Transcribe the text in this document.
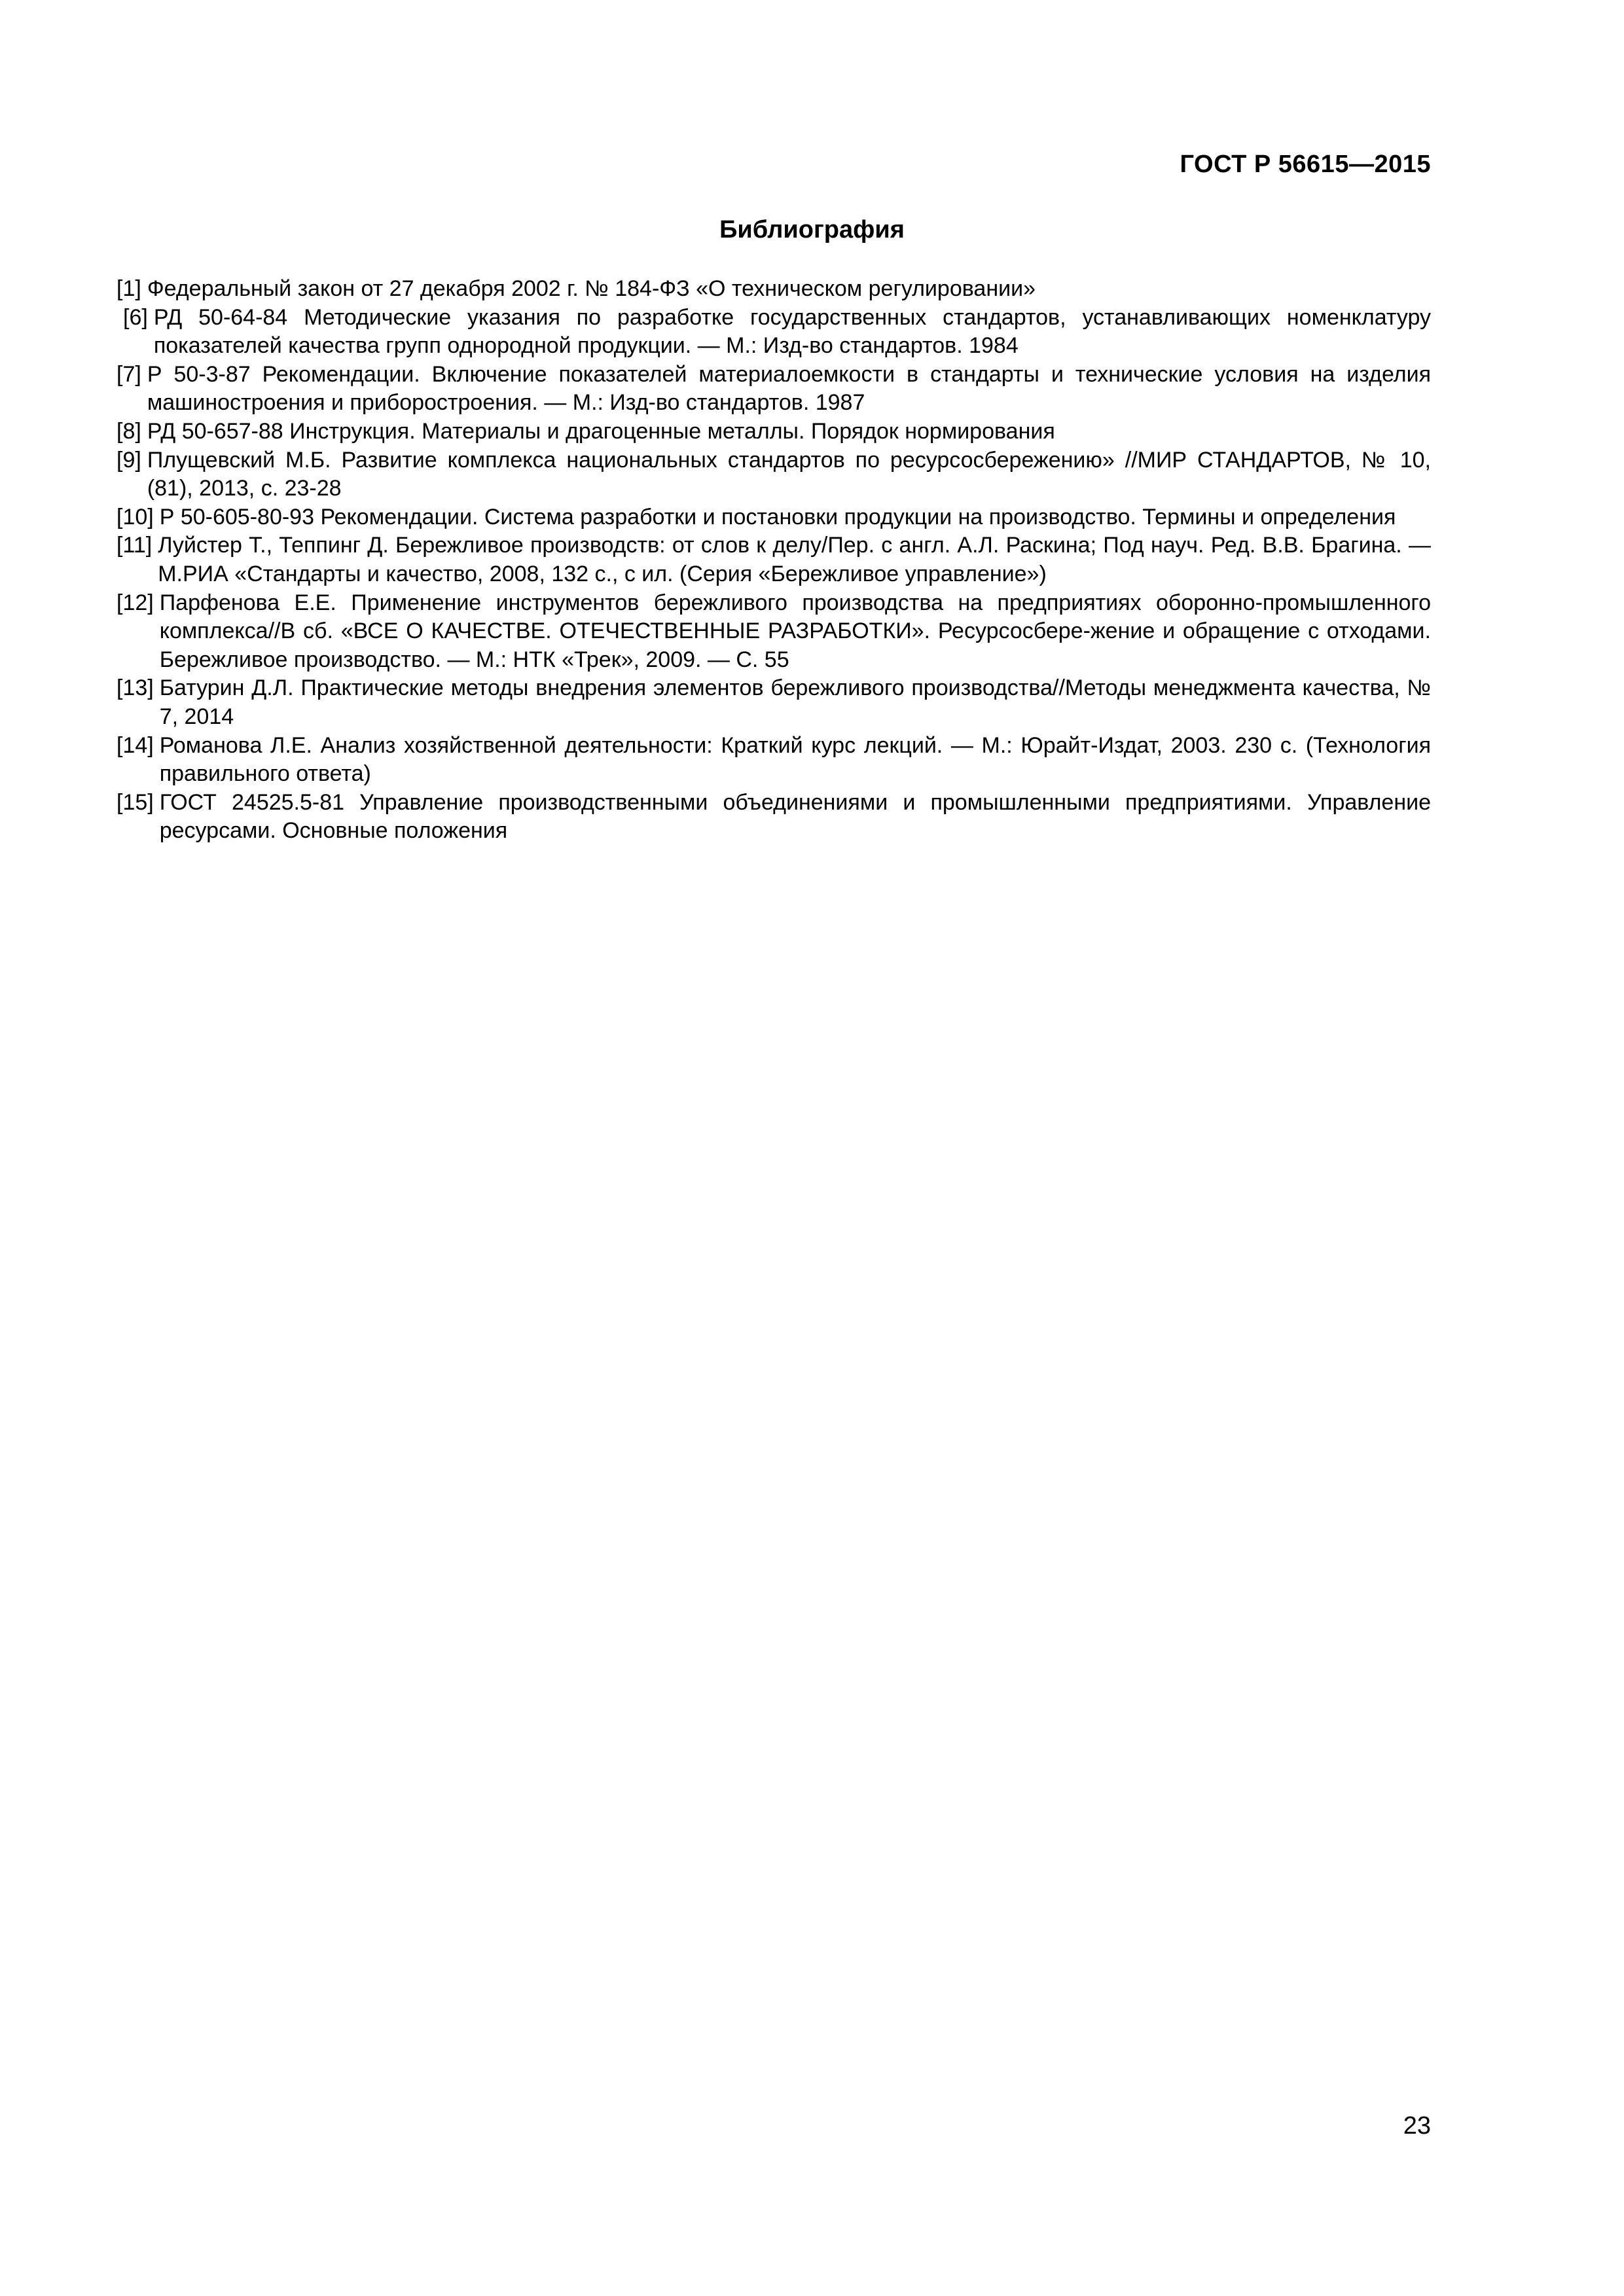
ГОСТ Р 56615—2015
Библиография
[1] Федеральный закон от 27 декабря 2002 г. № 184-ФЗ «О техническом регулировании»
[6] РД 50-64-84 Методические указания по разработке государственных стандартов, устанавливающих номенклатуру показателей качества групп однородной продукции. — М.: Изд-во стандартов. 1984
[7] Р 50-3-87 Рекомендации. Включение показателей материалоемкости в стандарты и технические условия на изделия машиностроения и приборостроения. — М.: Изд-во стандартов. 1987
[8] РД 50-657-88 Инструкция. Материалы и драгоценные металлы. Порядок нормирования
[9] Плущевский М.Б. Развитие комплекса национальных стандартов по ресурсосбережению» //МИР СТАНДАРТОВ, № 10, (81), 2013, с. 23-28
[10] Р 50-605-80-93 Рекомендации. Система разработки и постановки продукции на производство. Термины и определения
[11] Луйстер Т., Теппинг Д. Бережливое производств: от слов к делу/Пер. с англ. А.Л. Раскина; Под науч. Ред. В.В. Брагина. — М.РИА «Стандарты и качество, 2008, 132 с., с ил. (Серия «Бережливое управление»)
[12] Парфенова Е.Е. Применение инструментов бережливого производства на предприятиях оборонно-промышленного комплекса//В сб. «ВСЕ О КАЧЕСТВЕ. ОТЕЧЕСТВЕННЫЕ РАЗРАБОТКИ». Ресурсосбере-жение и обращение с отходами. Бережливое производство. — М.: НТК «Трек», 2009. — С. 55
[13] Батурин Д.Л. Практические методы внедрения элементов бережливого производства//Методы менеджмента качества, № 7, 2014
[14] Романова Л.Е. Анализ хозяйственной деятельности: Краткий курс лекций. — М.: Юрайт-Издат, 2003. 230 с. (Технология правильного ответа)
[15] ГОСТ 24525.5-81 Управление производственными объединениями и промышленными предприятиями. Управление ресурсами. Основные положения
23
